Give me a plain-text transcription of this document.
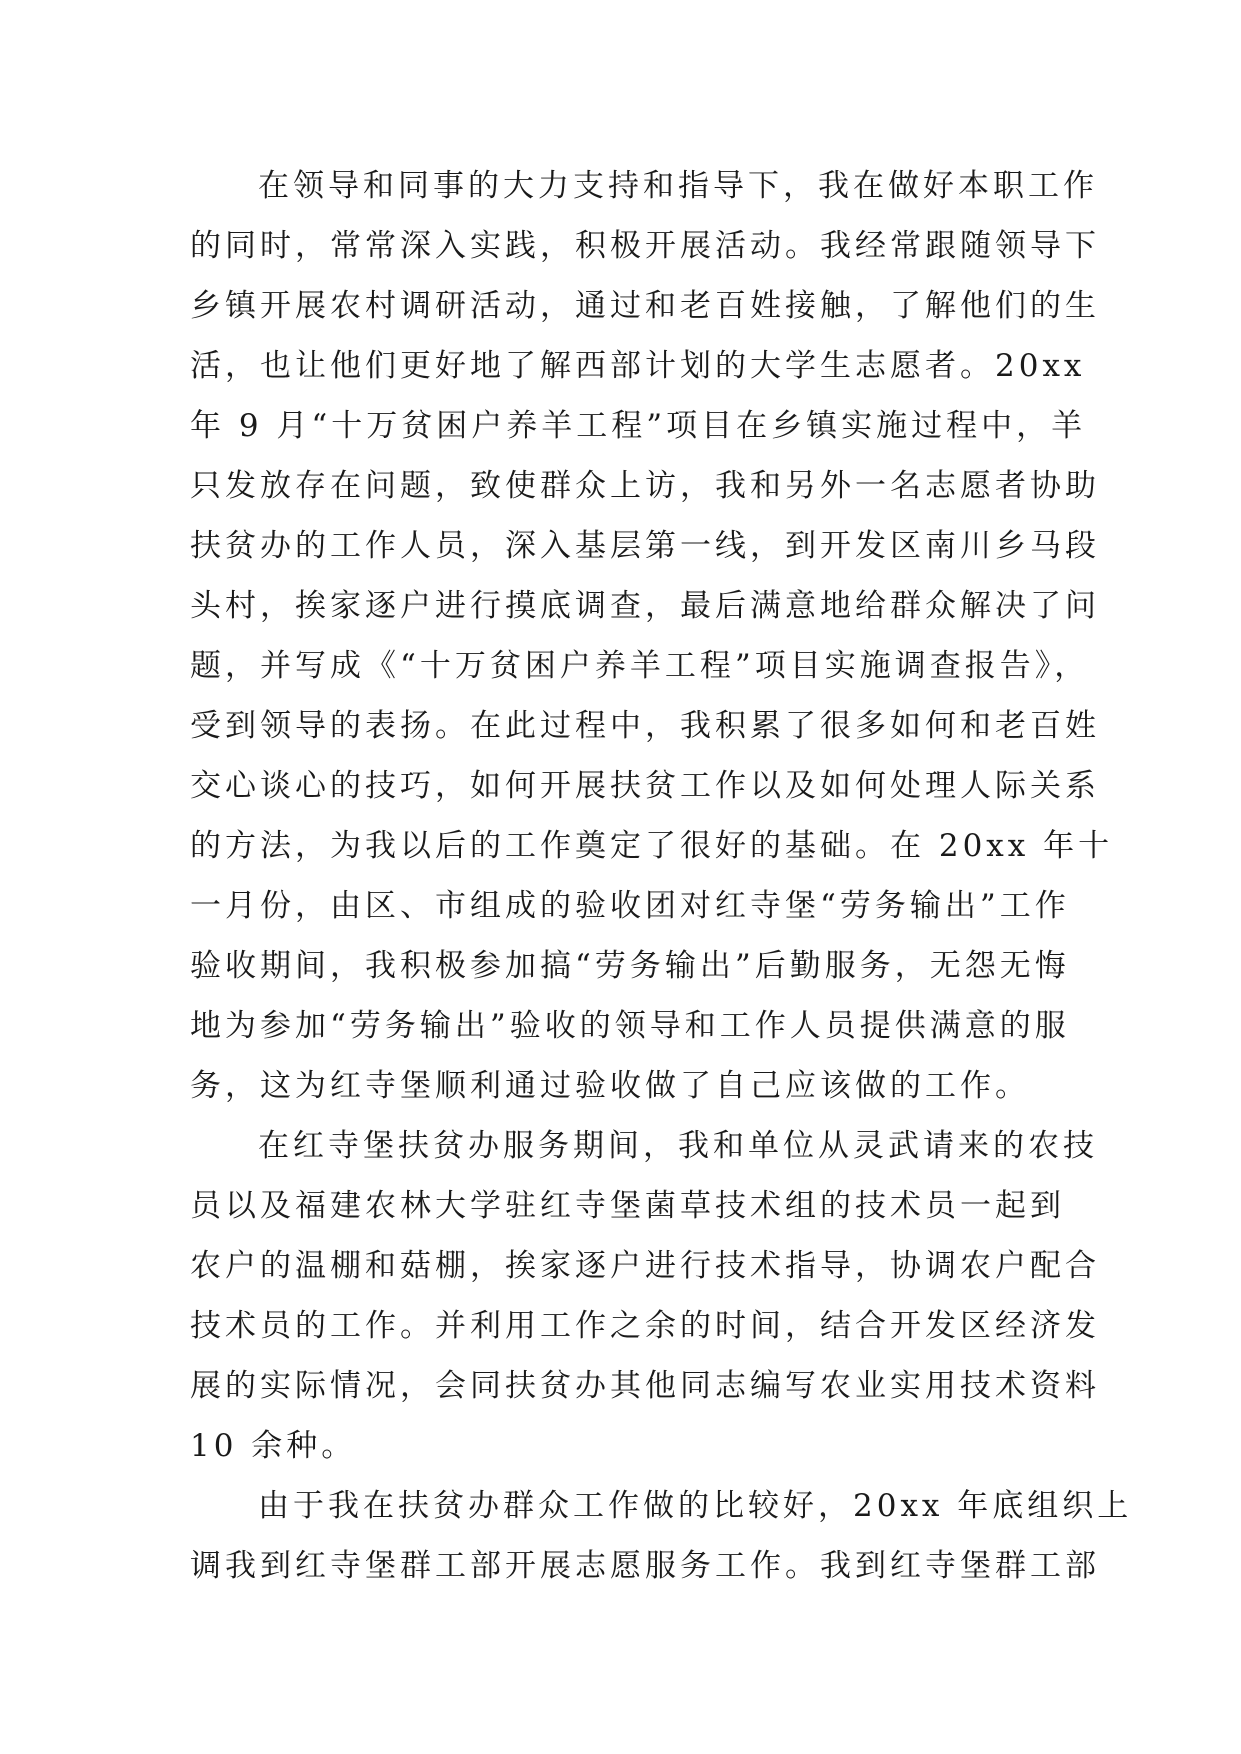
在领导和同事的大力支持和指导下，我在做好本职工作
的同时，常常深入实践，积极开展活动。我经常跟随领导下
乡镇开展农村调研活动，通过和老百姓接触，了解他们的生
活，也让他们更好地了解西部计划的大学生志愿者。20xx
年 9 月“十万贫困户养羊工程”项目在乡镇实施过程中，羊
只发放存在问题，致使群众上访，我和另外一名志愿者协助
扶贫办的工作人员，深入基层第一线，到开发区南川乡马段
头村，挨家逐户进行摸底调查，最后满意地给群众解决了问
题，并写成《“十万贫困户养羊工程”项目实施调查报告》，
受到领导的表扬。在此过程中，我积累了很多如何和老百姓
交心谈心的技巧，如何开展扶贫工作以及如何处理人际关系
的方法，为我以后的工作奠定了很好的基础。在 20xx 年十
一月份，由区、市组成的验收团对红寺堡“劳务输出”工作
验收期间，我积极参加搞“劳务输出”后勤服务，无怨无悔
地为参加“劳务输出”验收的领导和工作人员提供满意的服
务，这为红寺堡顺利通过验收做了自己应该做的工作。
在红寺堡扶贫办服务期间，我和单位从灵武请来的农技
员以及福建农林大学驻红寺堡菌草技术组的技术员一起到
农户的温棚和菇棚，挨家逐户进行技术指导，协调农户配合
技术员的工作。并利用工作之余的时间，结合开发区经济发
展的实际情况，会同扶贫办其他同志编写农业实用技术资料
10 余种。
由于我在扶贫办群众工作做的比较好，20xx 年底组织上
调我到红寺堡群工部开展志愿服务工作。我到红寺堡群工部
